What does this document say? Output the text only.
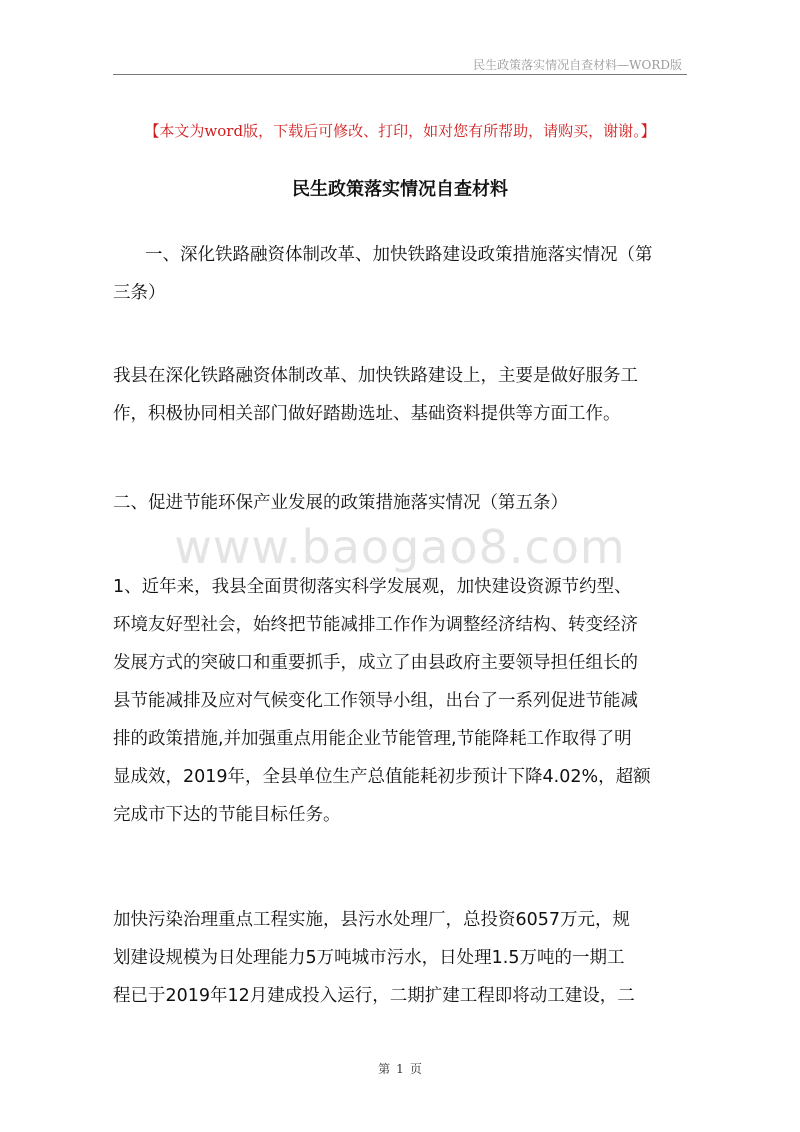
民生政策落实情况自查材料—WORD版
【本文为word版，下载后可修改、打印，如对您有所帮助，请购买，谢谢。】
民生政策落实情况自查材料
www.baogao8.com
一、深化铁路融资体制改革、加快铁路建设政策措施落实情况（第
三条）
我县在深化铁路融资体制改革、加快铁路建设上，主要是做好服务工
作，积极协同相关部门做好踏勘选址、基础资料提供等方面工作。
二、促进节能环保产业发展的政策措施落实情况（第五条）
1、近年来，我县全面贯彻落实科学发展观，加快建设资源节约型、
环境友好型社会，始终把节能减排工作作为调整经济结构、转变经济
发展方式的突破口和重要抓手，成立了由县政府主要领导担任组长的
县节能减排及应对气候变化工作领导小组，出台了一系列促进节能减
排的政策措施,并加强重点用能企业节能管理,节能降耗工作取得了明
显成效，2019年，全县单位生产总值能耗初步预计下降4.02%，超额
完成市下达的节能目标任务。
加快污染治理重点工程实施，县污水处理厂，总投资6057万元，规
划建设规模为日处理能力5万吨城市污水，日处理1.5万吨的一期工
程已于2019年12月建成投入运行，二期扩建工程即将动工建设，二
第 1 页
